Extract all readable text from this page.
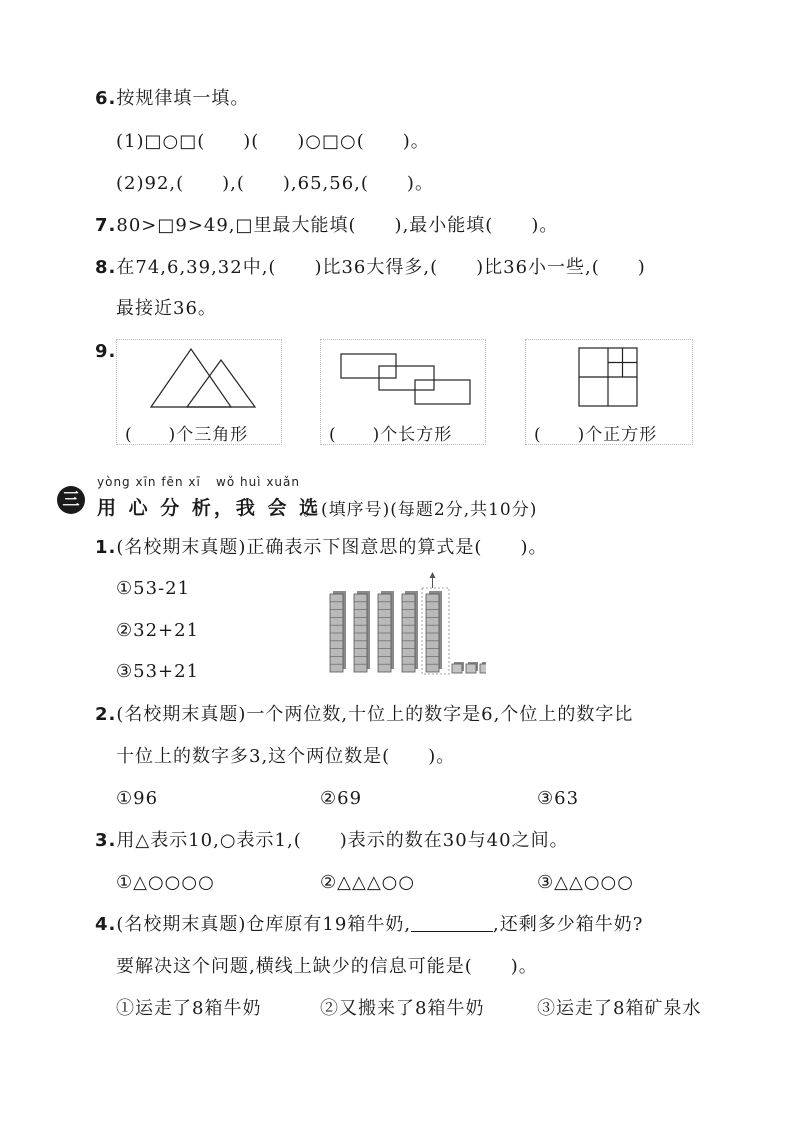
6.按规律填一填。
(1)□○□(　　)(　　)○□○(　　)。
(2)92,(　　),(　　),65,56,(　　)。
7.80>□9>49,□里最大能填(　　),最小能填(　　)。
8.在74,6,39,32中,(　　)比36大得多,(　　)比36小一些,(　　)
最接近36。
9.
(　　)个三角形	(　　)个长方形	(　　)个正方形
yòng xīn fēn xī wǒ huì xuǎn
三 用 心 分 析，我 会 选
。(填序号)(每题2分,共10分)
1.(名校期末真题)正确表示下图意思的算式是(　　)。
①53-21
②32+21
③53+21
2.(名校期末真题)一个两位数,十位上的数字是6,个位上的数字比
十位上的数字多3,这个两位数是(　　)。
①96	②69	③63
3.用△表示10,○表示1,(　　)表示的数在30与40之间。
①△○○○○	②△△△○○	③△△○○○
4.(名校期末真题)仓库原有19箱牛奶,	,还剩多少箱牛奶?
要解决这个问题,横线上缺少的信息可能是(　　)。
①运走了8箱牛奶	②又搬来了8箱牛奶	③运走了8箱矿泉水
